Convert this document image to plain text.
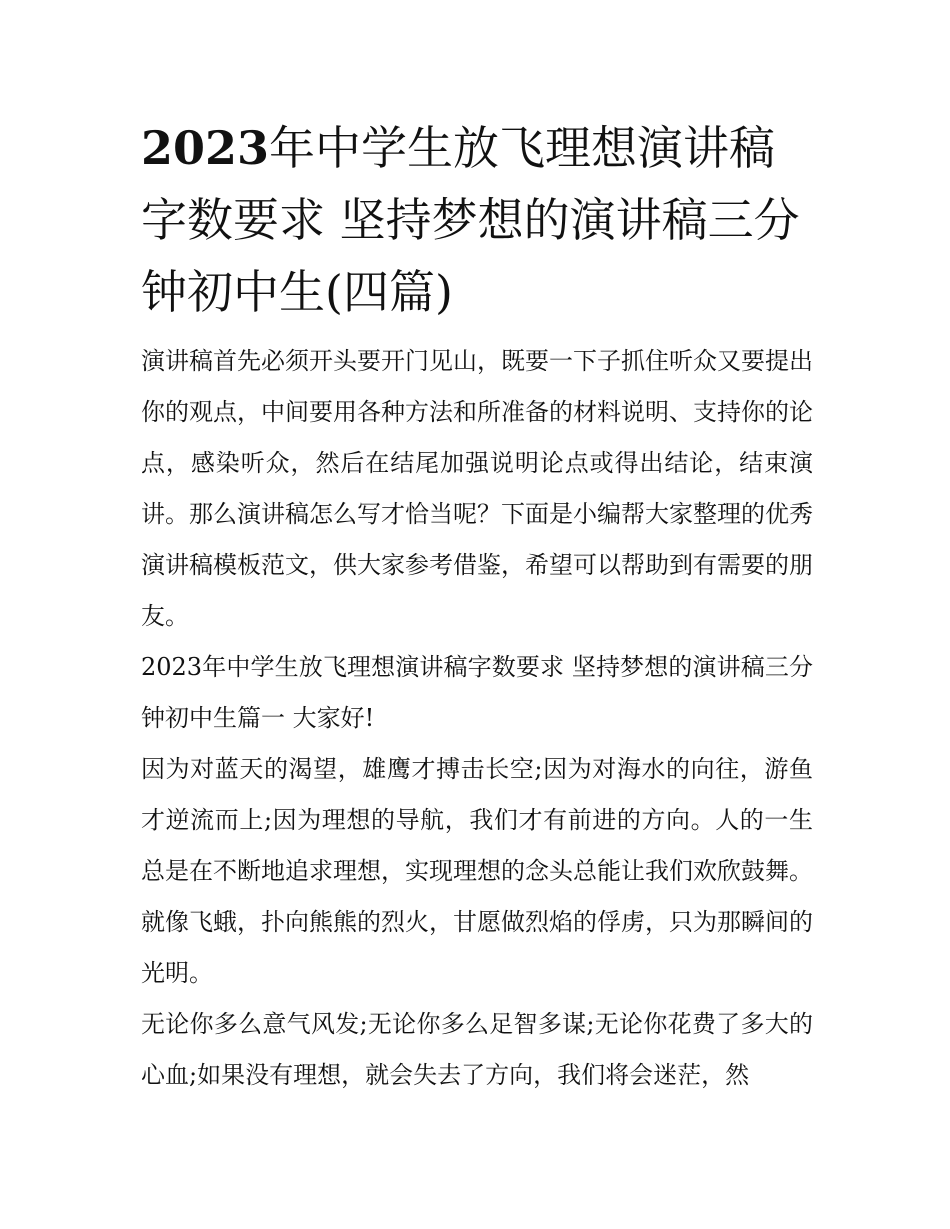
2023年中学生放飞理想演讲稿字数要求 坚持梦想的演讲稿三分钟初中生(四篇)

演讲稿首先必须开头要开门见山，既要一下子抓住听众又要提出你的观点，中间要用各种方法和所准备的材料说明、支持你的论点，感染听众，然后在结尾加强说明论点或得出结论，结束演讲。那么演讲稿怎么写才恰当呢？下面是小编帮大家整理的优秀演讲稿模板范文，供大家参考借鉴，希望可以帮助到有需要的朋友。

2023年中学生放飞理想演讲稿字数要求 坚持梦想的演讲稿三分钟初中生篇一 大家好!

因为对蓝天的渴望，雄鹰才搏击长空;因为对海水的向往，游鱼才逆流而上;因为理想的导航，我们才有前进的方向。人的一生总是在不断地追求理想，实现理想的念头总能让我们欢欣鼓舞。就像飞蛾，扑向熊熊的烈火，甘愿做烈焰的俘虏，只为那瞬间的光明。

无论你多么意气风发;无论你多么足智多谋;无论你花费了多大的心血;如果没有理想，就会失去了方向，我们将会迷茫，然
